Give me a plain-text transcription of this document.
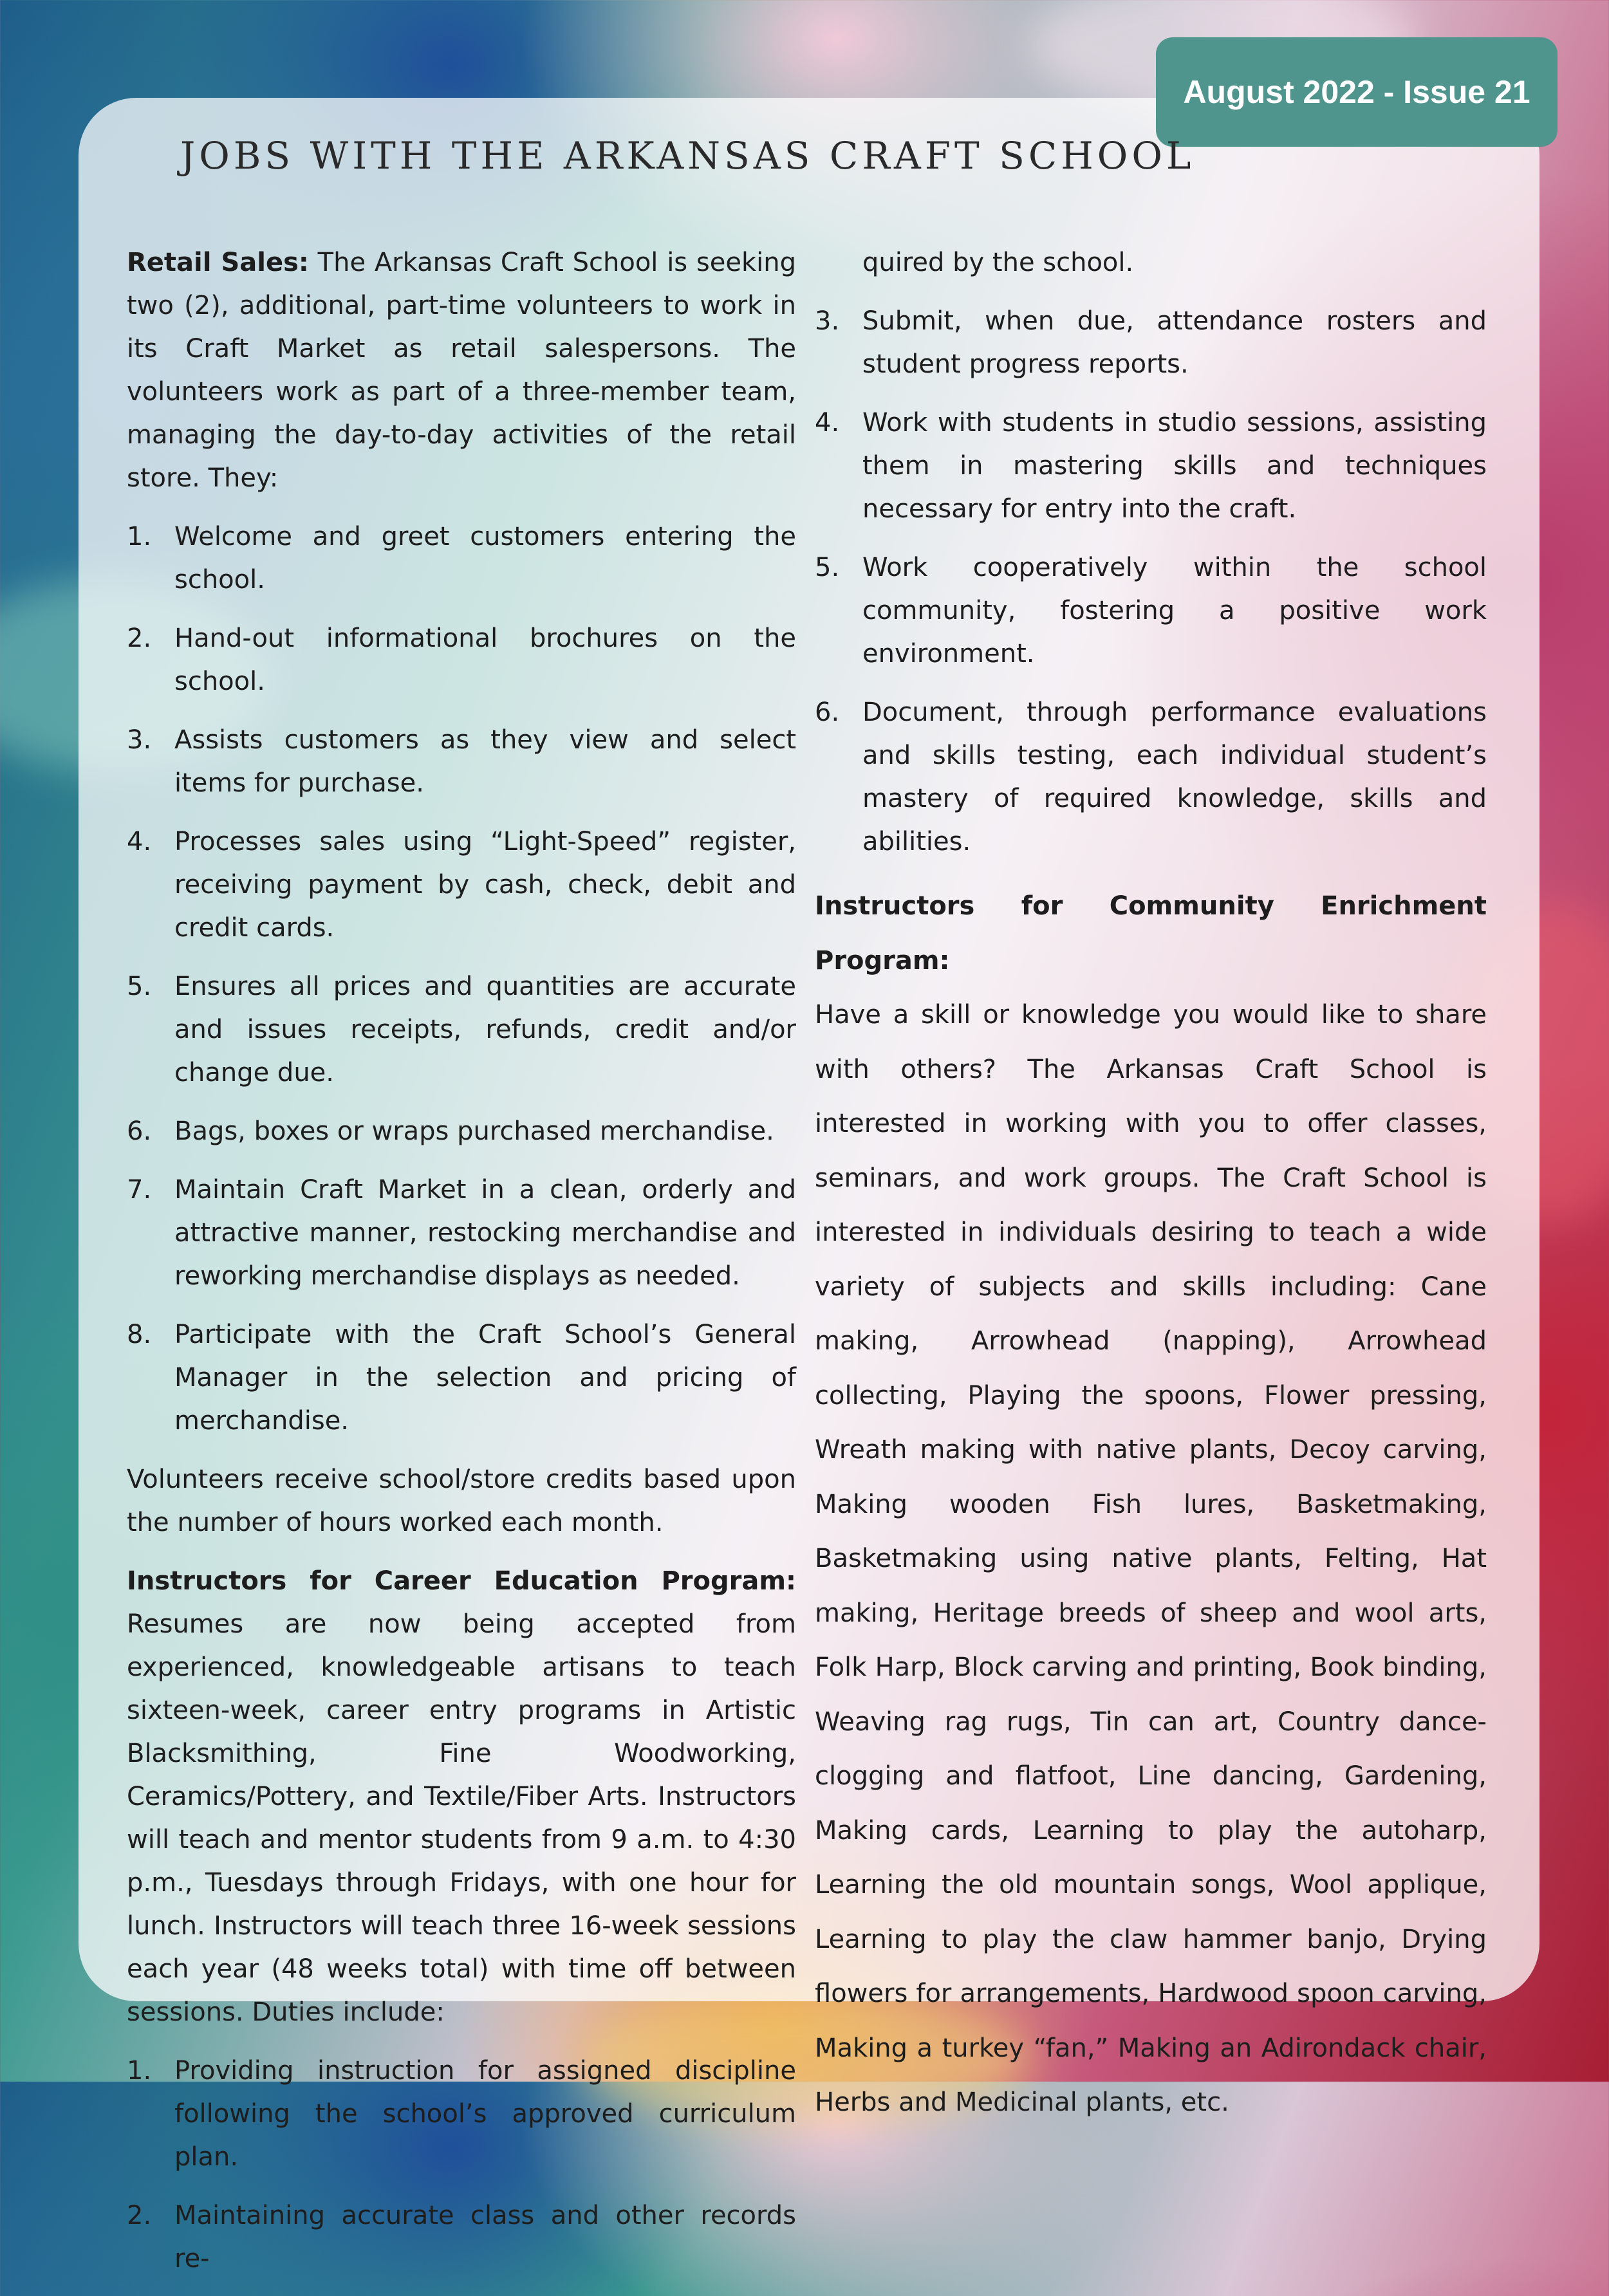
August 2022 - Issue 21
JOBS WITH THE ARKANSAS CRAFT SCHOOL

Retail Sales: The Arkansas Craft School is seeking two (2), additional, part-time volunteers to work in its Craft Market as retail salespersons. The volunteers work as part of a three-member team, managing the day-to-day activities of the retail store. They:

1. Welcome and greet customers entering the school.
2. Hand-out informational brochures on the school.
3. Assists customers as they view and select items for purchase.
4. Processes sales using “Light-Speed” register, receiving payment by cash, check, debit and credit cards.
5. Ensures all prices and quantities are accurate and issues receipts, refunds, credit and/or change due.
6. Bags, boxes or wraps purchased merchandise.
7. Maintain Craft Market in a clean, orderly and attractive manner, restocking merchandise and reworking merchandise displays as needed.
8. Participate with the Craft School’s General Manager in the selection and pricing of merchandise.

Volunteers receive school/store credits based upon the number of hours worked each month.

Instructors for Career Education Program: Resumes are now being accepted from experienced, knowledgeable artisans to teach sixteen-week, career entry programs in Artistic Blacksmithing, Fine Woodworking, Ceramics/Pottery, and Textile/Fiber Arts. Instructors will teach and mentor students from 9 a.m. to 4:30 p.m., Tuesdays through Fridays, with one hour for lunch. Instructors will teach three 16-week sessions each year (48 weeks total) with time off between sessions. Duties include:

1. Providing instruction for assigned discipline following the school’s approved curriculum plan.
2. Maintaining accurate class and other records re-
quired by the school.
3. Submit, when due, attendance rosters and student progress reports.
4. Work with students in studio sessions, assisting them in mastering skills and techniques necessary for entry into the craft.
5. Work cooperatively within the school community, fostering a positive work environment.
6. Document, through performance evaluations and skills testing, each individual student’s mastery of required knowledge, skills and abilities.

Instructors for Community Enrichment Program:

Have a skill or knowledge you would like to share with others? The Arkansas Craft School is interested in working with you to offer classes, seminars, and work groups. The Craft School is interested in individuals desiring to teach a wide variety of subjects and skills including: Cane making, Arrowhead (napping), Arrowhead collecting, Playing the spoons, Flower pressing, Wreath making with native plants, Decoy carving, Making wooden Fish lures, Basketmaking, Basketmaking using native plants, Felting, Hat making, Heritage breeds of sheep and wool arts, Folk Harp, Block carving and printing, Book binding, Weaving rag rugs, Tin can art, Country dance-clogging and flatfoot, Line dancing, Gardening, Making cards, Learning to play the autoharp, Learning the old mountain songs, Wool applique, Learning to play the claw hammer banjo, Drying flowers for arrangements, Hardwood spoon carving, Making a turkey “fan,” Making an Adirondack chair, Herbs and Medicinal plants, etc.
